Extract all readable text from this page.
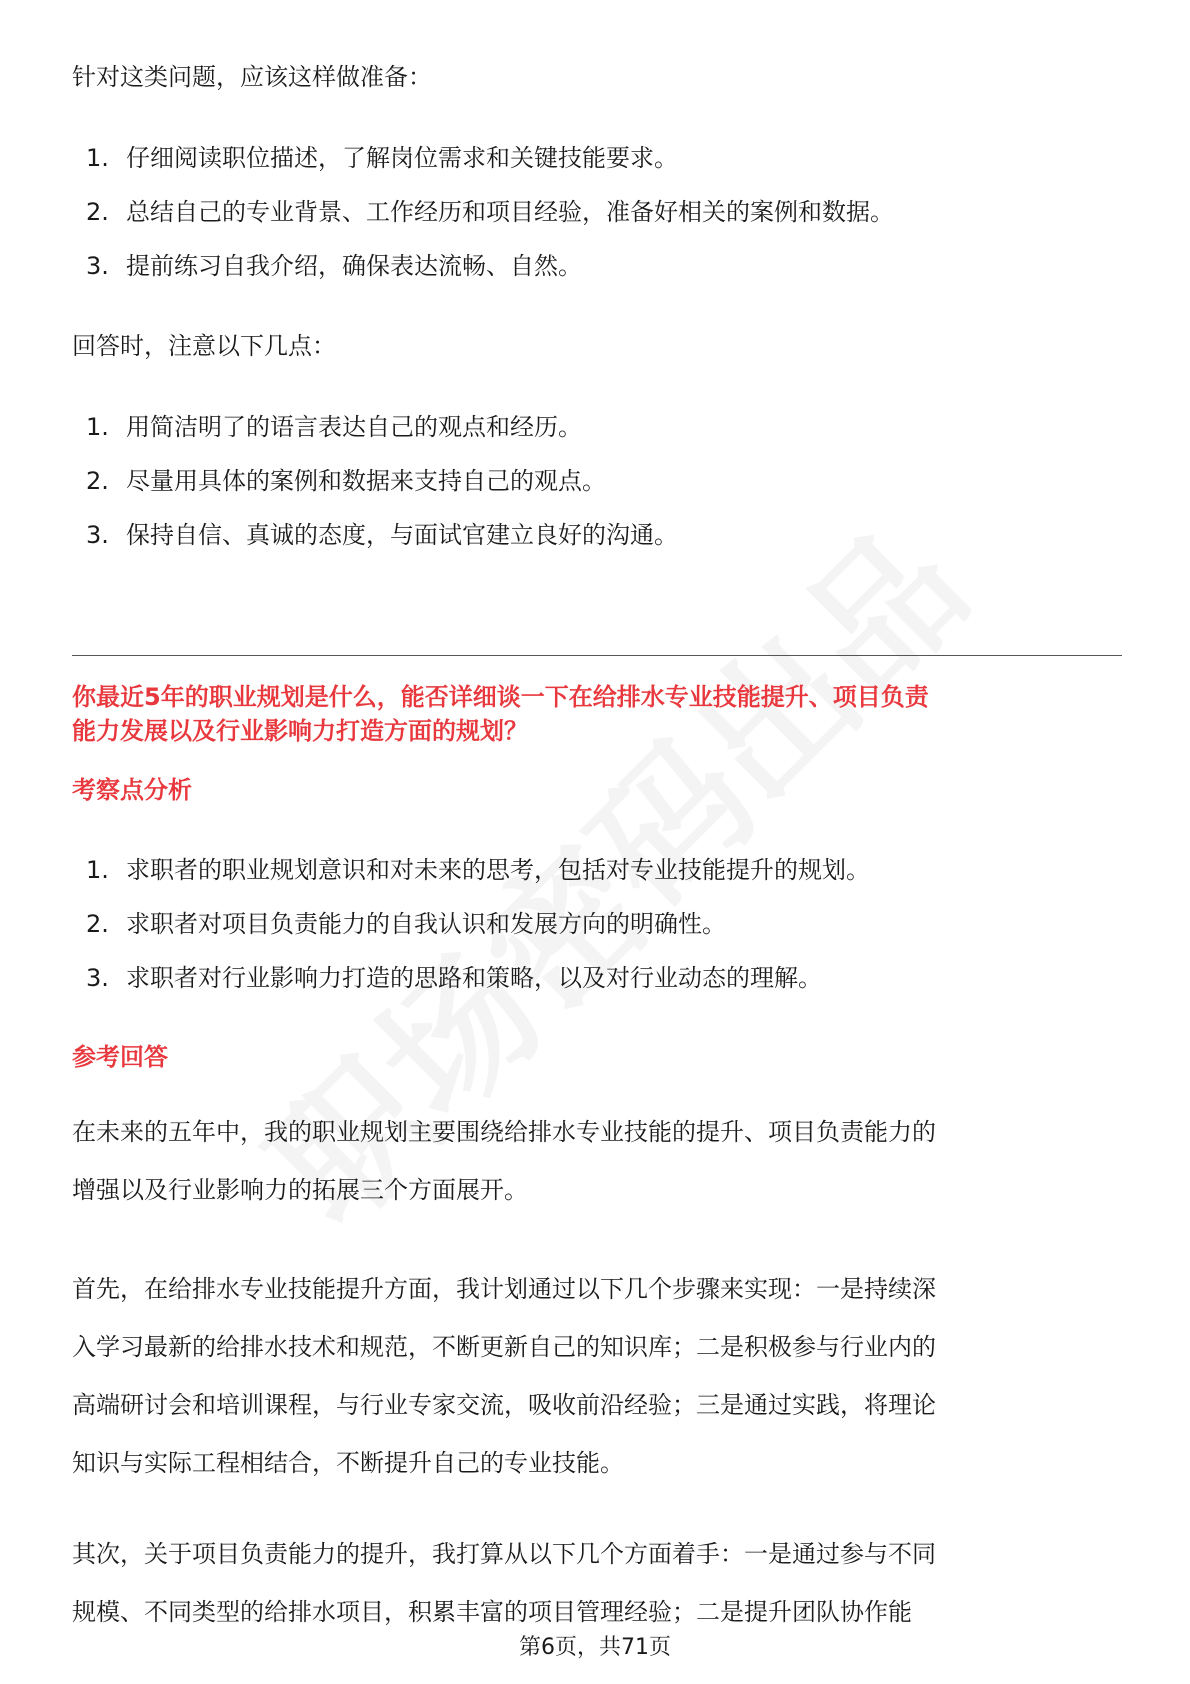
针对这类问题，应该这样做准备：

1. 仔细阅读职位描述，了解岗位需求和关键技能要求。
2. 总结自己的专业背景、工作经历和项目经验，准备好相关的案例和数据。
3. 提前练习自我介绍，确保表达流畅、自然。

回答时，注意以下几点：

1. 用简洁明了的语言表达自己的观点和经历。
2. 尽量用具体的案例和数据来支持自己的观点。
3. 保持自信、真诚的态度，与面试官建立良好的沟通。
你最近5年的职业规划是什么，能否详细谈一下在给排水专业技能提升、项目负责
能力发展以及行业影响力打造方面的规划？

考察点分析

1. 求职者的职业规划意识和对未来的思考，包括对专业技能提升的规划。
2. 求职者对项目负责能力的自我认识和发展方向的明确性。
3. 求职者对行业影响力打造的思路和策略，以及对行业动态的理解。

参考回答

在未来的五年中，我的职业规划主要围绕给排水专业技能的提升、项目负责能力的

增强以及行业影响力的拓展三个方面展开。

首先，在给排水专业技能提升方面，我计划通过以下几个步骤来实现：一是持续深

入学习最新的给排水技术和规范，不断更新自己的知识库；二是积极参与行业内的

高端研讨会和培训课程，与行业专家交流，吸收前沿经验；三是通过实践，将理论

知识与实际工程相结合，不断提升自己的专业技能。

其次，关于项目负责能力的提升，我打算从以下几个方面着手：一是通过参与不同

规模、不同类型的给排水项目，积累丰富的项目管理经验；二是提升团队协作能

第6页，共71页
